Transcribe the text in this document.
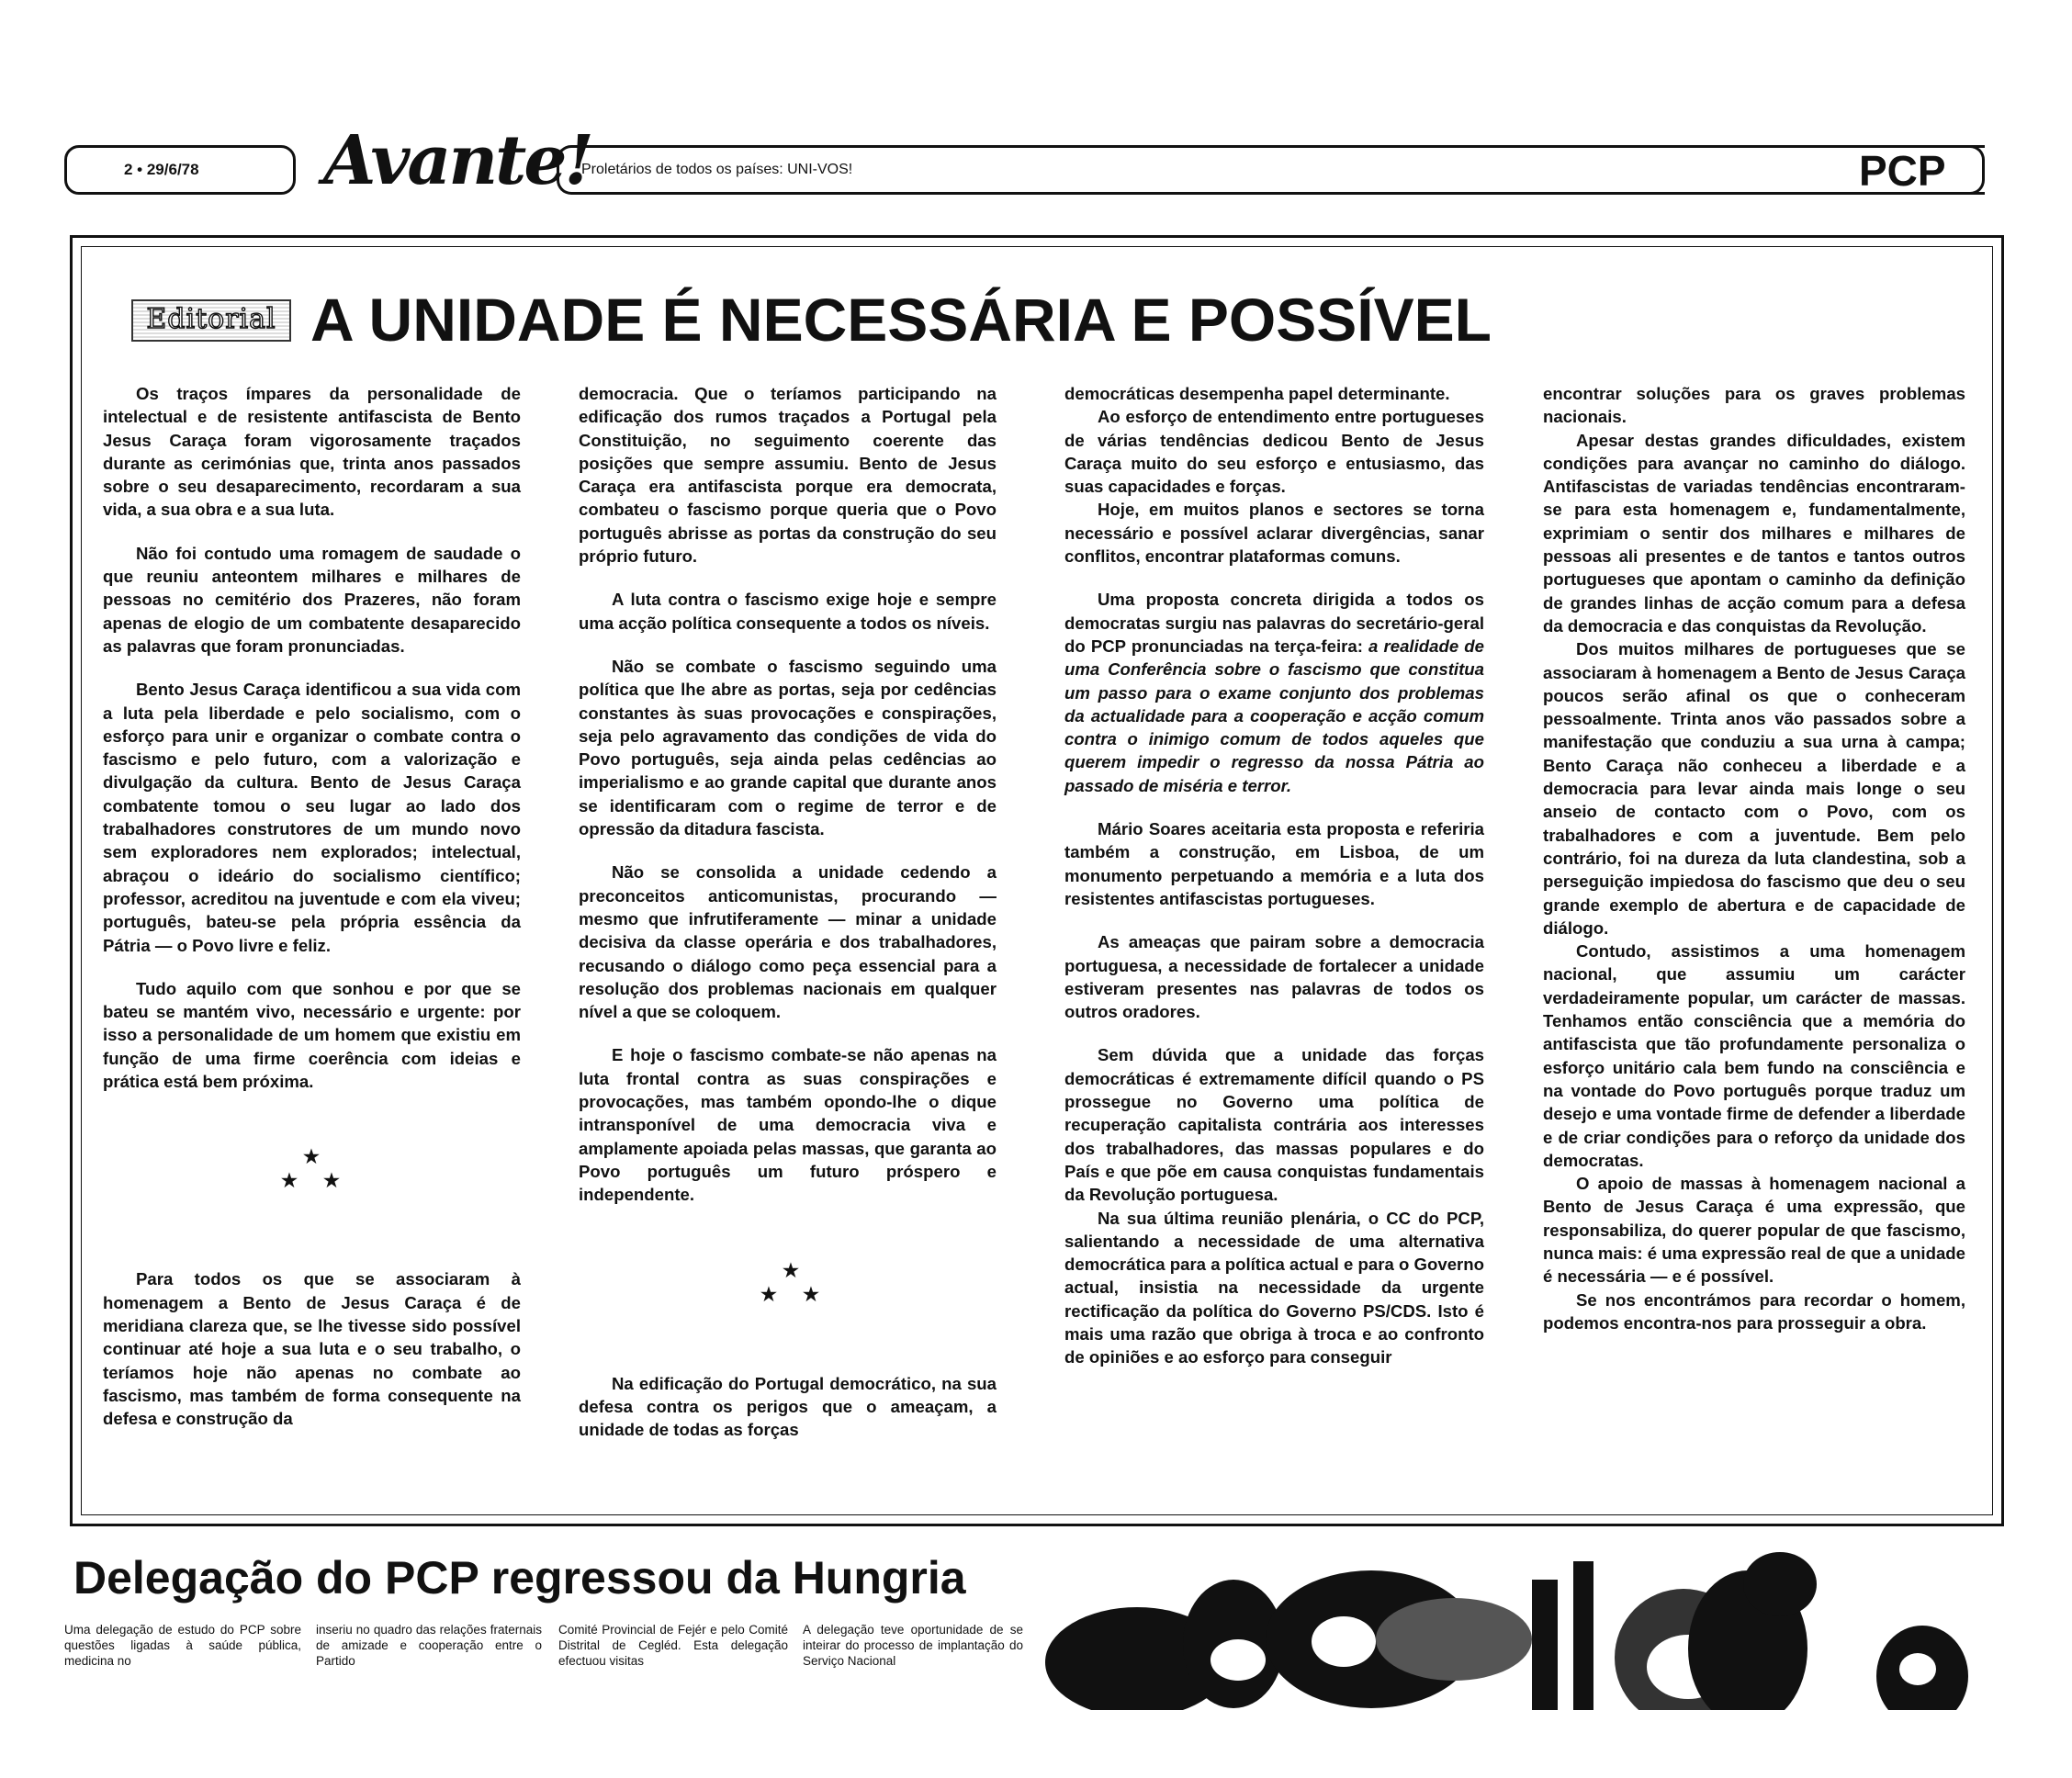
2 • 29/6/78	Avante!
Proletários de todos os países: UNI-VOS!	PCP
Editorial A UNIDADE É NECESSÁRIA E POSSÍVEL

Os traços ímpares da personalidade de intelectual e de resistente antifascista de Bento Jesus Caraça foram vigorosamente traçados durante as cerimónias que, trinta anos passados sobre o seu desaparecimento, recordaram a sua vida, a sua obra e a sua luta.

Não foi contudo uma romagem de saudade o que reuniu anteontem milhares e milhares de pessoas no cemitério dos Prazeres, não foram apenas de elogio de um combatente desaparecido as palavras que foram pronunciadas.

Bento Jesus Caraça identificou a sua vida com a luta pela liberdade e pelo socialismo, com o esforço para unir e organizar o combate contra o fascismo e pelo futuro, com a valorização e divulgação da cultura. Bento de Jesus Caraça combatente tomou o seu lugar ao lado dos trabalhadores construtores de um mundo novo sem exploradores nem explorados; intelectual, abraçou o ideário do socialismo científico; professor, acreditou na juventude e com ela viveu; português, bateu-se pela própria essência da Pátria — o Povo livre e feliz.

Tudo aquilo com que sonhou e por que se bateu se mantém vivo, necessário e urgente: por isso a personalidade de um homem que existiu em função de uma firme coerência com ideias e prática está bem próxima.

★
★ ★

Para todos os que se associaram à homenagem a Bento de Jesus Caraça é de meridiana clareza que, se lhe tivesse sido possível continuar até hoje a sua luta e o seu trabalho, o teríamos hoje não apenas no combate ao fascismo, mas também de forma consequente na defesa e construção da

democracia. Que o teríamos participando na edificação dos rumos traçados a Portugal pela Constituição, no seguimento coerente das posições que sempre assumiu. Bento de Jesus Caraça era antifascista porque era democrata, combateu o fascismo porque queria que o Povo português abrisse as portas da construção do seu próprio futuro.

A luta contra o fascismo exige hoje e sempre uma acção política consequente a todos os níveis.

Não se combate o fascismo seguindo uma política que lhe abre as portas, seja por cedências constantes às suas provocações e conspirações, seja pelo agravamento das condições de vida do Povo português, seja ainda pelas cedências ao imperialismo e ao grande capital que durante anos se identificaram com o regime de terror e de opressão da ditadura fascista.

Não se consolida a unidade cedendo a preconceitos anticomunistas, procurando — mesmo que infrutiferamente — minar a unidade decisiva da classe operária e dos trabalhadores, recusando o diálogo como peça essencial para a resolução dos problemas nacionais em qualquer nível a que se coloquem.

E hoje o fascismo combate-se não apenas na luta frontal contra as suas conspirações e provocações, mas também opondo-lhe o dique intransponível de uma democracia viva e amplamente apoiada pelas massas, que garanta ao Povo português um futuro próspero e independente.

★
★ ★

Na edificação do Portugal democrático, na sua defesa contra os perigos que o ameaçam, a unidade de todas as forças

democráticas desempenha papel determinante.

Ao esforço de entendimento entre portugueses de várias tendências dedicou Bento de Jesus Caraça muito do seu esforço e entusiasmo, das suas capacidades e forças.

Hoje, em muitos planos e sectores se torna necessário e possível aclarar divergências, sanar conflitos, encontrar plataformas comuns.

Uma proposta concreta dirigida a todos os democratas surgiu nas palavras do secretário-geral do PCP pronunciadas na terça-feira: a realidade de uma Conferência sobre o fascismo que constitua um passo para o exame conjunto dos problemas da actualidade para a cooperação e acção comum contra o inimigo comum de todos aqueles que querem impedir o regresso da nossa Pátria ao passado de miséria e terror.

Mário Soares aceitaria esta proposta e referiria também a construção, em Lisboa, de um monumento perpetuando a memória e a luta dos resistentes antifascistas portugueses.

As ameaças que pairam sobre a democracia portuguesa, a necessidade de fortalecer a unidade estiveram presentes nas palavras de todos os outros oradores.

Sem dúvida que a unidade das forças democráticas é extremamente difícil quando o PS prossegue no Governo uma política de recuperação capitalista contrária aos interesses dos trabalhadores, das massas populares e do País e que põe em causa conquistas fundamentais da Revolução portuguesa.

Na sua última reunião plenária, o CC do PCP, salientando a necessidade de uma alternativa democrática para a política actual e para o Governo actual, insistia na necessidade da urgente rectificação da política do Governo PS/CDS. Isto é mais uma razão que obriga à troca e ao confronto de opiniões e ao esforço para conseguir

encontrar soluções para os graves problemas nacionais.

Apesar destas grandes dificuldades, existem condições para avançar no caminho do diálogo. Antifascistas de variadas tendências encontraram-se para esta homenagem e, fundamentalmente, exprimiam o sentir dos milhares e milhares de pessoas ali presentes e de tantos e tantos outros portugueses que apontam o caminho da definição de grandes linhas de acção comum para a defesa da democracia e das conquistas da Revolução.

Dos muitos milhares de portugueses que se associaram à homenagem a Bento de Jesus Caraça poucos serão afinal os que o conheceram pessoalmente. Trinta anos vão passados sobre a manifestação que conduziu a sua urna à campa; Bento Caraça não conheceu a liberdade e a democracia para levar ainda mais longe o seu anseio de contacto com o Povo, com os trabalhadores e com a juventude. Bem pelo contrário, foi na dureza da luta clandestina, sob a perseguição impiedosa do fascismo que deu o seu grande exemplo de abertura e de capacidade de diálogo.

Contudo, assistimos a uma homenagem nacional, que assumiu um carácter verdadeiramente popular, um carácter de massas. Tenhamos então consciência que a memória do antifascista que tão profundamente personaliza o esforço unitário cala bem fundo na consciência e na vontade do Povo português porque traduz um desejo e uma vontade firme de defender a liberdade e de criar condições para o reforço da unidade dos democratas.

O apoio de massas à homenagem nacional a Bento de Jesus Caraça é uma expressão, que responsabiliza, do querer popular de que fascismo, nunca mais: é uma expressão real de que a unidade é necessária — e é possível.

Se nos encontrámos para recordar o homem, podemos encontra-nos para prosseguir a obra.

Delegação do PCP regressou da Hungria
Uma delegação de estudo do PCP sobre questões ligadas à saúde pública, medicina no
inseriu no quadro das relações fraternais de amizade e cooperação entre o Partido
Comité Provincial de Fejér e pelo Comité Distrital de Cegléd. Esta delegação efectuou visitas
A delegação teve oportunidade de se inteirar do processo de implantação do Serviço Nacional
